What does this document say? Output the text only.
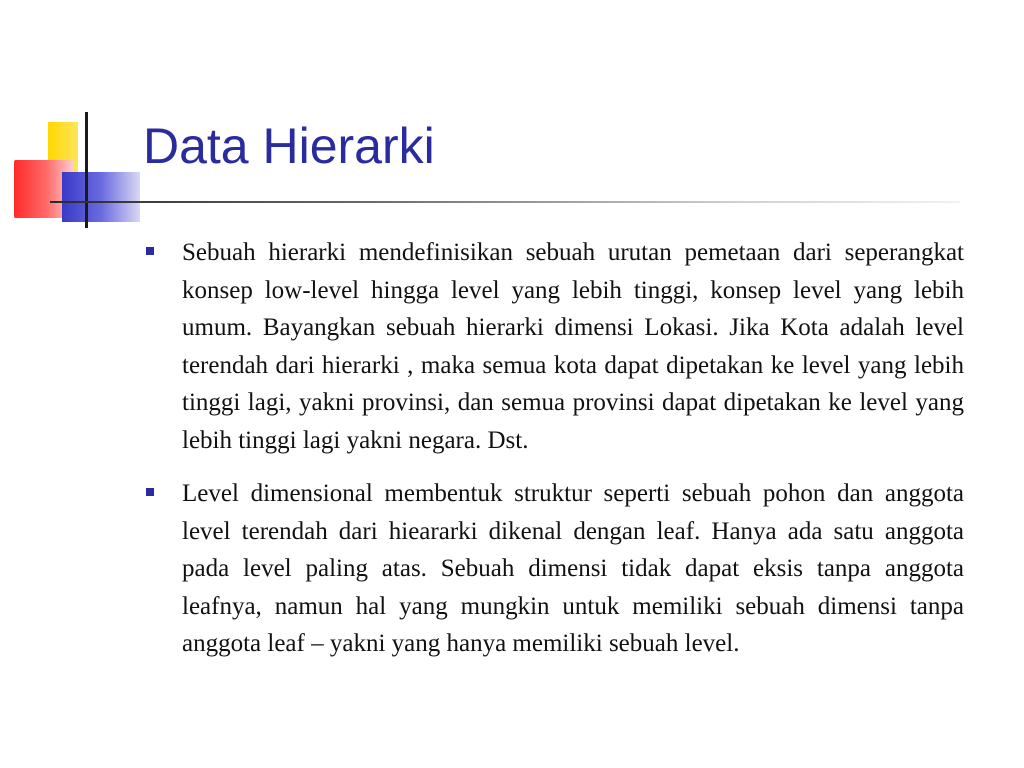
Data Hierarki
Sebuah hierarki mendefinisikan sebuah urutan pemetaan dari seperangkat konsep low-level hingga level yang lebih tinggi, konsep level yang lebih umum. Bayangkan sebuah hierarki dimensi Lokasi. Jika Kota adalah level terendah dari hierarki , maka semua kota dapat dipetakan ke level yang lebih tinggi lagi, yakni provinsi, dan semua provinsi dapat dipetakan ke level yang lebih tinggi lagi yakni negara. Dst.
Level dimensional membentuk struktur seperti sebuah pohon dan anggota level terendah dari hieararki dikenal dengan leaf. Hanya ada satu anggota pada level paling atas. Sebuah dimensi tidak dapat eksis tanpa anggota leafnya, namun hal yang mungkin untuk memiliki sebuah dimensi tanpa anggota leaf – yakni yang hanya memiliki sebuah level.
